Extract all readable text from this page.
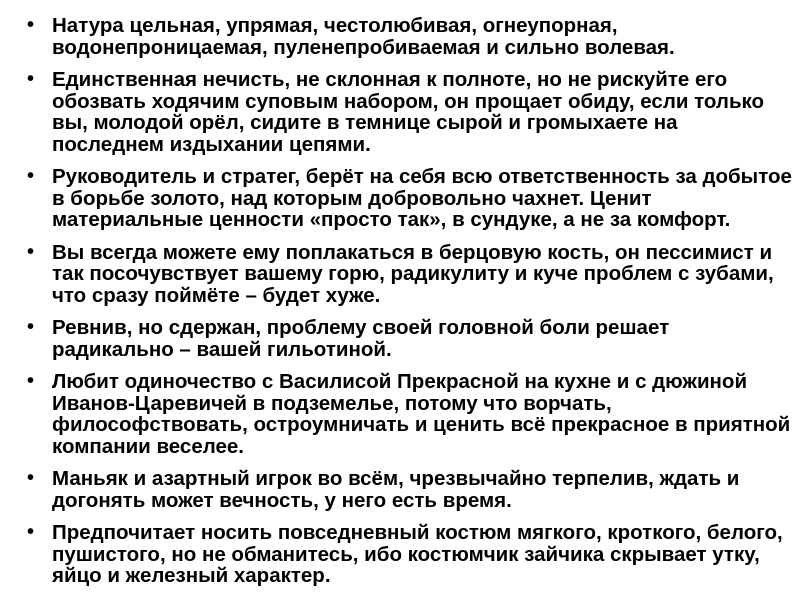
• Натура цельная, упрямая, честолюбивая, огнеупорная, водонепроницаемая, пуленепробиваемая и сильно волевая.
• Единственная нечисть, не склонная к полноте, но не рискуйте его обозвать ходячим суповым набором, он прощает обиду, если только вы, молодой орёл, сидите в темнице сырой и громыхаете на последнем издыхании цепями.
• Руководитель и стратег, берёт на себя всю ответственность за добытое в борьбе золото, над которым добровольно чахнет. Ценит материальные ценности «просто так», в сундуке, а не за комфорт.
• Вы всегда можете ему поплакаться в берцовую кость, он пессимист и так посочувствует вашему горю, радикулиту и куче проблем с зубами, что сразу поймёте – будет хуже.
• Ревнив, но сдержан, проблему своей головной боли решает радикально – вашей гильотиной.
• Любит одиночество с Василисой Прекрасной на кухне и с дюжиной Иванов-Царевичей в подземелье, потому что ворчать, философствовать, остроумничать и ценить всё прекрасное в приятной компании веселее.
• Маньяк и азартный игрок во всём, чрезвычайно терпелив, ждать и догонять может вечность, у него есть время.
• Предпочитает носить повседневный костюм мягкого, кроткого, белого, пушистого, но не обманитесь, ибо костюмчик зайчика скрывает утку, яйцо и железный характер.
